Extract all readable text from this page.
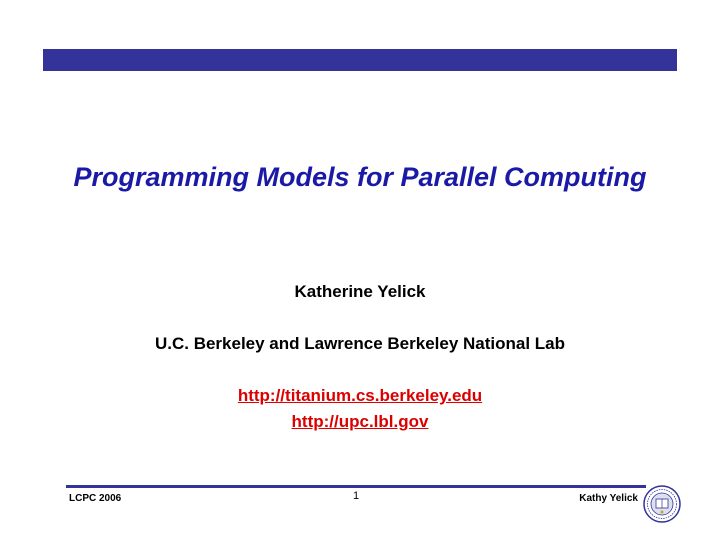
Programming Models for Parallel Computing
Katherine Yelick
U.C. Berkeley and Lawrence Berkeley National Lab
http://titanium.cs.berkeley.edu
http://upc.lbl.gov
LCPC 2006	1	Kathy Yelick
